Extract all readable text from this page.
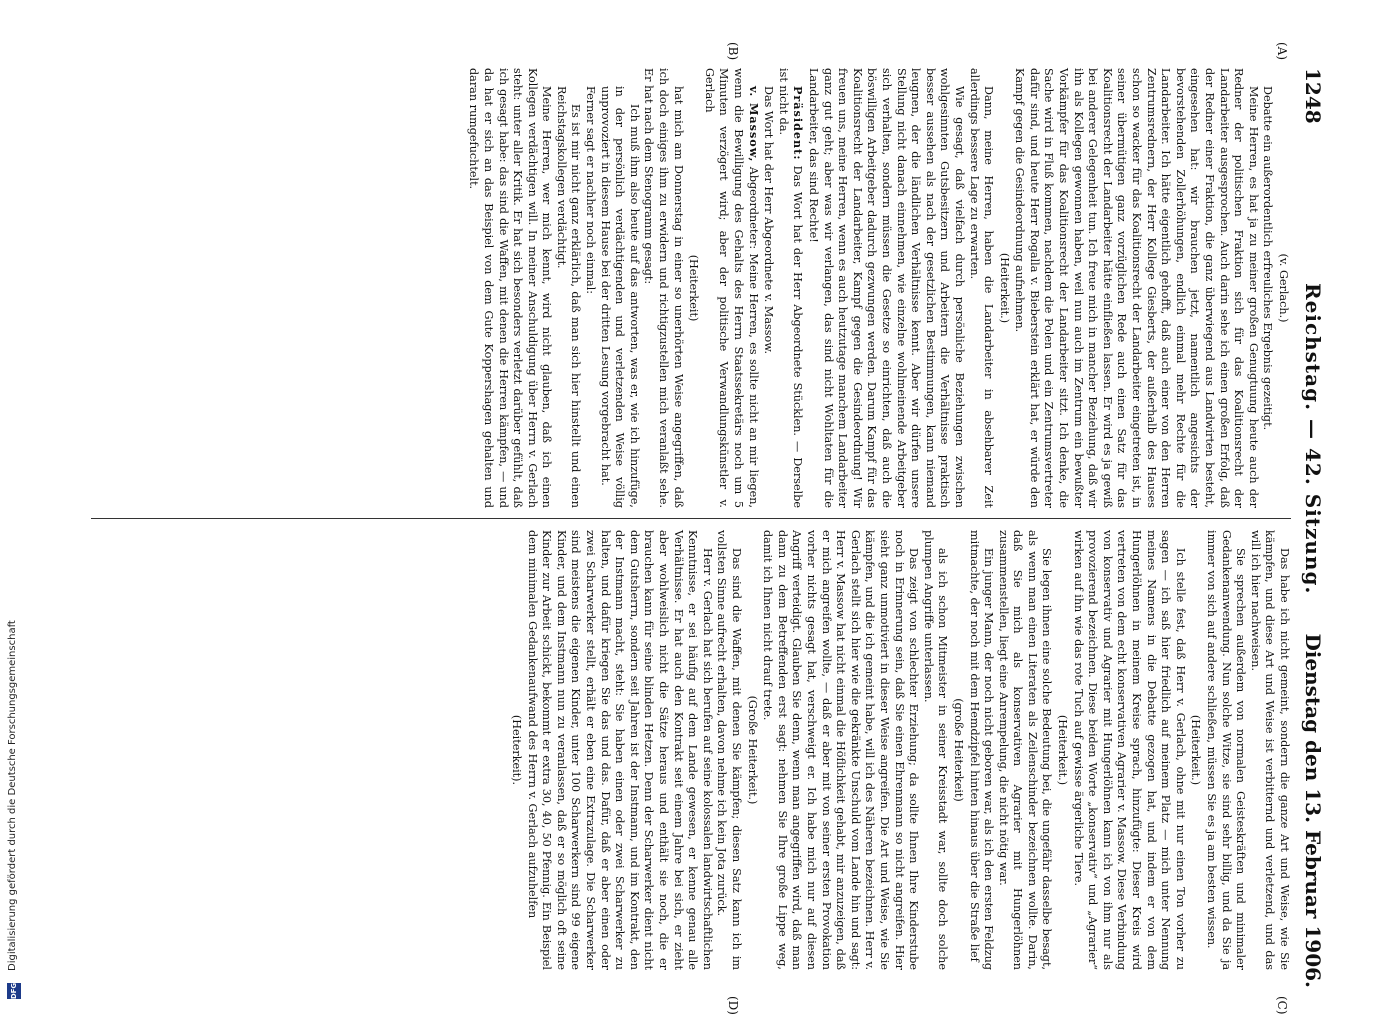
1248
Reichstag. — 42. Sitzung.
Dienstag den 13. Februar 1906.
(A)
(B)
(C)
(D)
(v. Gerlach.)
Debatte ein außerordentlich erfreuliches Ergebnis gezeitigt.
Meine Herren, es hat ja zu meiner großen Genugtuung heute auch der Redner der politischen Fraktion sich für das Koalitionsrecht der Landarbeiter ausgesprochen. Auch darin sehe ich einen großen Erfolg, daß der Redner einer Fraktion, die ganz überwiegend aus Landwirten besteht, eingesehen hat: wir brauchen jetzt, namentlich angesichts der bevorstehenden Zollerhöhungen, endlich einmal mehr Rechte für die Landarbeiter. Ich hätte eigentlich gehofft, daß auch einer von den Herren Zentrumsrednern, der Herr Kollege Giesberts, der außerhalb des Hauses schon so wacker für das Koalitionsrecht der Landarbeiter eingetreten ist, in seiner übermütigen ganz vorzüglichen Rede auch einen Satz für das Koalitionsrecht der Landarbeiter hätte einfließen lassen. Er wird es ja gewiß bei anderer Gelegenheit tun. Ich freue mich in mancher Beziehung, daß wir ihn als Kollegen gewonnen haben, weil nun auch im Zentrum ein bewußter Vorkämpfer für das Koalitionsrecht der Landarbeiter sitzt. Ich denke, die Sache wird in Fluß kommen, nachdem die Polen und ein Zentrumsvertreter dafür sind, und heute Herr Rogalla v. Bieberstein erklärt hat, er würde den Kampf gegen die Gesindeordnung aufnehmen.
(Heiterkeit.)
Dann, meine Herren, haben die Landarbeiter in absehbarer Zeit allerdings bessere Lage zu erwarten.
Wie gesagt, daß vielfach durch persönliche Beziehungen zwischen wohlgesinnten Gutsbesitzern und Arbeitern die Verhältnisse praktisch besser aussehen als nach der gesetzlichen Bestimmungen, kann niemand leugnen, der die ländlichen Verhältnisse kennt. Aber wir dürfen unsere Stellung nicht danach einnehmen, wie einzelne wohlmeinende Arbeitgeber sich verhalten, sondern müssen die Gesetze so einrichten, daß auch die böswilligen Arbeitgeber dadurch gezwungen werden. Darum Kampf für das Koalitionsrecht der Landarbeiter, Kampf gegen die Gesindeordnung! Wir freuen uns, meine Herren, wenn es auch heutzutage manchem Landarbeiter ganz gut geht; aber was wir verlangen, das sind nicht Wohltaten für die Landarbeiter, das sind Rechte!
Präsident: Das Wort hat der Herr Abgeordnete Stücklen. — Derselbe ist nicht da.
Das Wort hat der Herr Abgeordnete v. Massow.
v. Massow, Abgeordneter: Meine Herren, es sollte nicht an mir liegen, wenn die Bewilligung des Gehalts des Herrn Staatssekretärs noch um 5 Minuten verzögert wird; aber der politische Verwandlungskünstler v. Gerlach
(Heiterkeit)
hat mich am Donnerstag in einer so unerhörten Weise angegriffen, daß ich doch einiges ihm zu erwidern und richtigzustellen mich veranlaßt sehe. Er hat nach dem Stenogramm gesagt:
Ich muß ihm also heute auf das antworten, was er, wie ich hinzufüge, in der persönlich verdächtigenden und verletzenden Weise völlig unprovoziert in diesem Hause bei der dritten Lesung vorgebracht hat.
Ferner sagt er nachher noch einmal:
Es ist mir nicht ganz erklärlich, daß man sich hier hinstellt und einen Reichstagskollegen verdächtigt.
Meine Herren, wer mich kennt, wird nicht glauben, daß ich einen Kollegen verdächtigen will. In meiner Anschuldigung über Herrn v. Gerlach steht: unter aller Kritik. Er hat sich besonders verletzt darüber gefühlt, daß ich gesagt habe: das sind die Waffen, mit denen die Herren kämpfen, — und da hat er sich an das Beispiel von dem Gute Koppershagen gehalten und daran rumgefuchtelt.
Das habe ich nicht gemeint, sondern die ganze Art und Weise, wie Sie kämpfen, und diese Art und Weise ist verbitternd und verletzend, und das will ich hier nachweisen.
Sie sprechen außerdem von normalen Geisteskräften und minimaler Gedankenanwendung. Nun solche Witze, sie sind sehr billig, und da Sie ja immer von sich auf andere schließen, müssen Sie es ja am besten wissen.
(Heiterkeit.)
Ich stelle fest, daß Herr v. Gerlach, ohne mit nur einen Ton vorher zu sagen — ich saß hier friedlich auf meinem Platz — mich unter Nennung meines Namens in die Debatte gezogen hat, und indem er von dem Hungerlöhnen in meinem Kreise sprach, hinzufügte: Dieser Kreis wird vertreten von dem echt konservativen Agrarier v. Massow. Diese Verbindung von konservativ und Agrarier mit Hungerlöhnen kann ich von ihm nur als provozierend bezeichnen. Diese beiden Worte „konservativ“ und „Agrarier“ wirken auf ihn wie das rote Tuch auf gewisse ärgerliche Tiere.
(Heiterkeit.)
Sie legen ihnen eine solche Bedeutung bei, die ungefähr dasselbe besagt, als wenn man einen Literaten als Zeilenschinder bezeichnen wollte. Darin, daß Sie mich als konservativen Agrarier mit Hungerlöhnen zusammenstellen, liegt eine Anrempelung, die nicht nötig war.
Ein junger Mann, der noch nicht geboren war, als ich den ersten Feldzug mitmachte, der noch mit dem Hemdzipfel hinten hinaus über die Straße lief
(große Heiterkeit)
als ich schon Mitmeister in seiner Kreisstadt war, sollte doch solche plumpen Angriffe unterlassen.
Das zeigt von schlechter Erziehung; da sollte Ihnen Ihre Kinderstube noch in Erinnerung sein, daß Sie einen Ehrenmann so nicht angreifen. Hier sieht ganz unmotiviert in dieser Weise angreifen. Die Art und Weise, wie Sie kämpfen, und die ich gemeint habe, will ich des Näheren bezeichnen. Herr v. Gerlach stellt sich hier wie die gekränkte Unschuld vom Lande hin und sagt: Herr v. Massow hat nicht einmal die Höflichkeit gehabt, mir anzuzeigen, daß er mich angreifen wollte, — daß er aber mit von seiner ersten Provokation vorher nichts gesagt hat, verschweigt er. Ich habe mich nur auf diesen Angriff verteidigt. Glauben Sie denn, wenn man angegriffen wird, daß man dann zu dem Betreffenden erst sagt: nehmen Sie Ihre große Lippe weg, damit ich Ihnen nicht drauf trete.
(Große Heiterkeit.)
Das sind die Waffen, mit denen Sie kämpfen; diesen Satz kann ich im vollsten Sinne aufrecht erhalten, davon nehme ich kein Jota zurück.
Herr v. Gerlach hat sich berufen auf seine kolossalen landwirtschaftlichen Kenntnisse, er sei häufig auf dem Lande gewesen, er kenne genau alle Verhältnisse. Er hat auch den Kontrakt seit einem Jahre bei sich, er zieht aber wohlweislich nicht die Sätze heraus und enthält sie noch, die er brauchen kann für seine blinden Hetzen. Denn der Scharwerker dient nicht dem Gutsherrn, sondern seit Jahren ist der Instmann, und im Kontrakt, den der Instmann macht, steht: Sie haben einen oder zwei Scharwerker zu halten, und dafür kriegen Sie das und das. Dafür, daß er aber einen oder zwei Scharwerker stellt, erhält er eben eine Extrazulage. Die Scharwerker sind meistens die eigenen Kinder, unter 100 Scharwerkern sind 99 eigene Kinder, und dem Instmann nun zu veranlassen, daß er so möglich oft seine Kinder zur Arbeit schickt, bekommt er extra 30, 40, 50 Pfennig. Ein Beispiel dem minimalen Gedankenaufwand des Herrn v. Gerlach aufzuhelfen
(Heiterkeit).
Digitalisierung gefördert durch die Deutsche Forschungsgemeinschaft
DFG
